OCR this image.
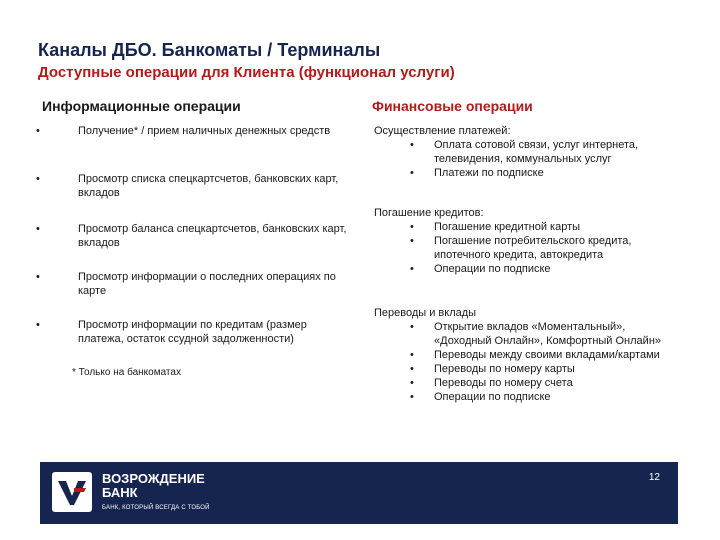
Каналы ДБО. Банкоматы / Терминалы
Доступные операции для Клиента (функционал услуги)
Информационные операции	Финансовые операции
•	Получение* / прием наличных денежных средств
•	Просмотр списка спецкартсчетов, банковских карт, вкладов
•	Просмотр баланса спецкартсчетов, банковских карт, вкладов
•	Просмотр информации о последних операциях по карте
•	Просмотр информации по кредитам (размер платежа, остаток ссудной задолженности)
* Только на банкоматах

Осуществление платежей:

• Оплата сотовой связи, услуг интернета, телевидения, коммунальных услуг
• Платежи по подписке

Погашение кредитов:

• Погашение кредитной карты
• Погашение потребительского кредита, ипотечного кредита, автокредита
• Операции по подписке

Переводы и вклады

• Открытие вкладов «Моментальный», «Доходный Онлайн», Комфортный Онлайн»
• Переводы между своими вкладами/картами
• Переводы по номеру карты
• Переводы по номеру счета
• Операции по подписке
ВОЗРОЖДЕНИЕ
БАНК
БАНК, КОТОРЫЙ ВСЕГДА С ТОБОЙ
12
